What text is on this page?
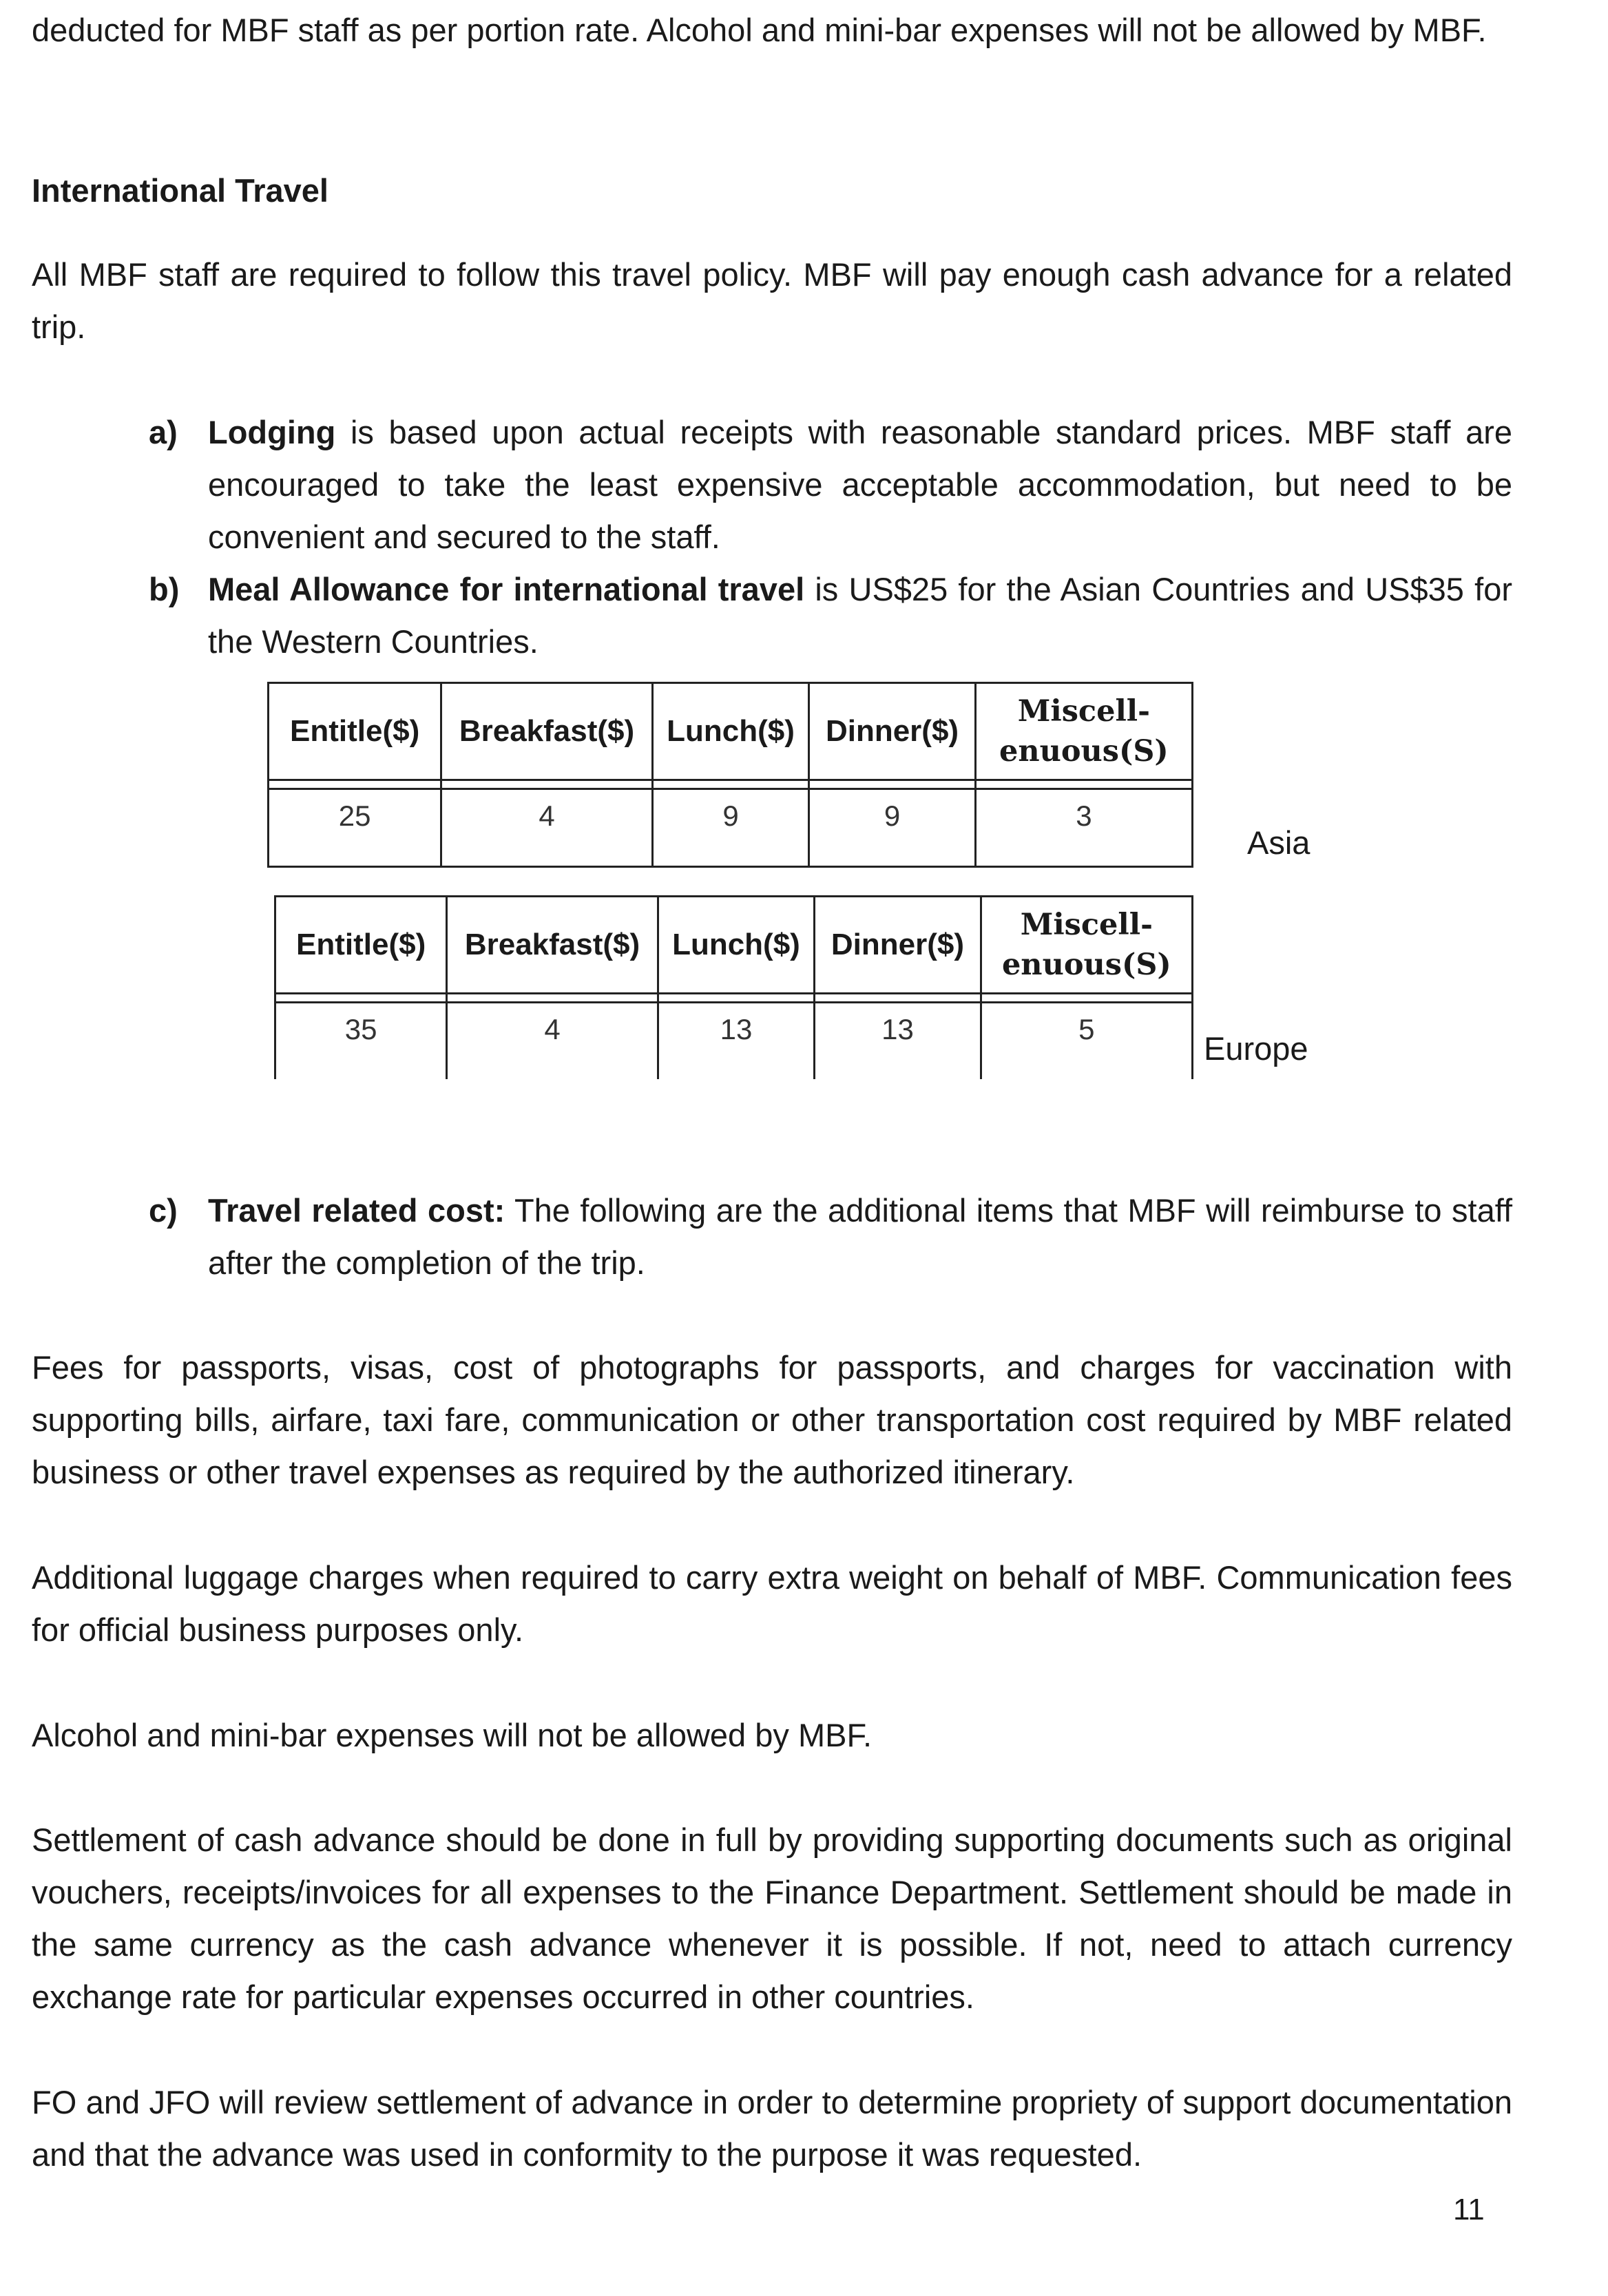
deducted for MBF staff as per portion rate. Alcohol and mini-bar expenses will not be allowed by MBF.

International Travel

All MBF staff are required to follow this travel policy. MBF will pay enough cash advance for a related trip.

a) Lodging is based upon actual receipts with reasonable standard prices. MBF staff are encouraged to take the least expensive acceptable accommodation, but need to be convenient and secured to the staff.
b) Meal Allowance for international travel is US$25 for the Asian Countries and US$35 for the Western Countries.
Entitle($)	Breakfast($)	Lunch($)	Dinner($)	Miscell-
enuous(S)

25	4	9	9	3
Asia
Entitle($)	Breakfast($)	Lunch($)	Dinner($)	Miscell-
enuous(S)

35	4	13	13	5
Europe
c) Travel related cost: The following are the additional items that MBF will reimburse to staff after the completion of the trip.

Fees for passports, visas, cost of photographs for passports, and charges for vaccination with supporting bills, airfare, taxi fare, communication or other transportation cost required by MBF related business or other travel expenses as required by the authorized itinerary.

Additional luggage charges when required to carry extra weight on behalf of MBF. Communication fees for official business purposes only.

Alcohol and mini-bar expenses will not be allowed by MBF.

Settlement of cash advance should be done in full by providing supporting documents such as original vouchers, receipts/invoices for all expenses to the Finance Department. Settlement should be made in the same currency as the cash advance whenever it is possible. If not, need to attach currency exchange rate for particular expenses occurred in other countries.

FO and JFO will review settlement of advance in order to determine propriety of support documentation and that the advance was used in conformity to the purpose it was requested.

11
